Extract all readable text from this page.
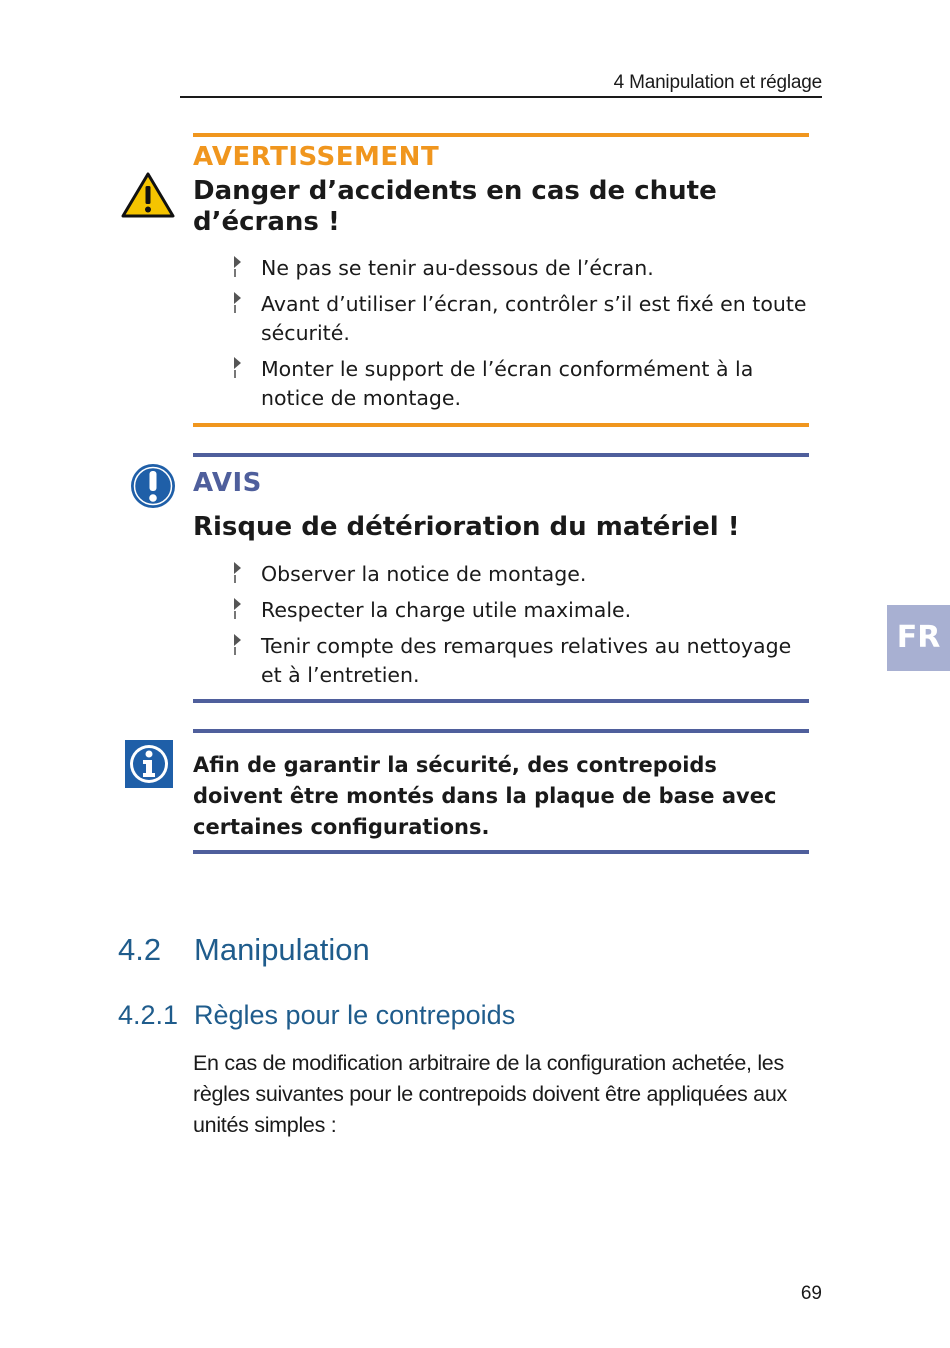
4 Manipulation et réglage
AVERTISSEMENT
Danger d’accidents en cas de chute d’écrans !
Ne pas se tenir au-dessous de l’écran.
Avant d’utiliser l’écran, contrôler s’il est fixé en toute sécurité.
Monter le support de l’écran conformément à la notice de montage.
AVIS
Risque de détérioration du matériel !
Observer la notice de montage.
Respecter la charge utile maximale.
Tenir compte des remarques relatives au nettoyage et à l’entretien.
Afin de garantir la sécurité, des contrepoids doivent être montés dans la plaque de base avec certaines configurations.
4.2 Manipulation
4.2.1 Règles pour le contrepoids
En cas de modification arbitraire de la configuration achetée, les règles suivantes pour le contrepoids doivent être appliquées aux unités simples :
FR
69
